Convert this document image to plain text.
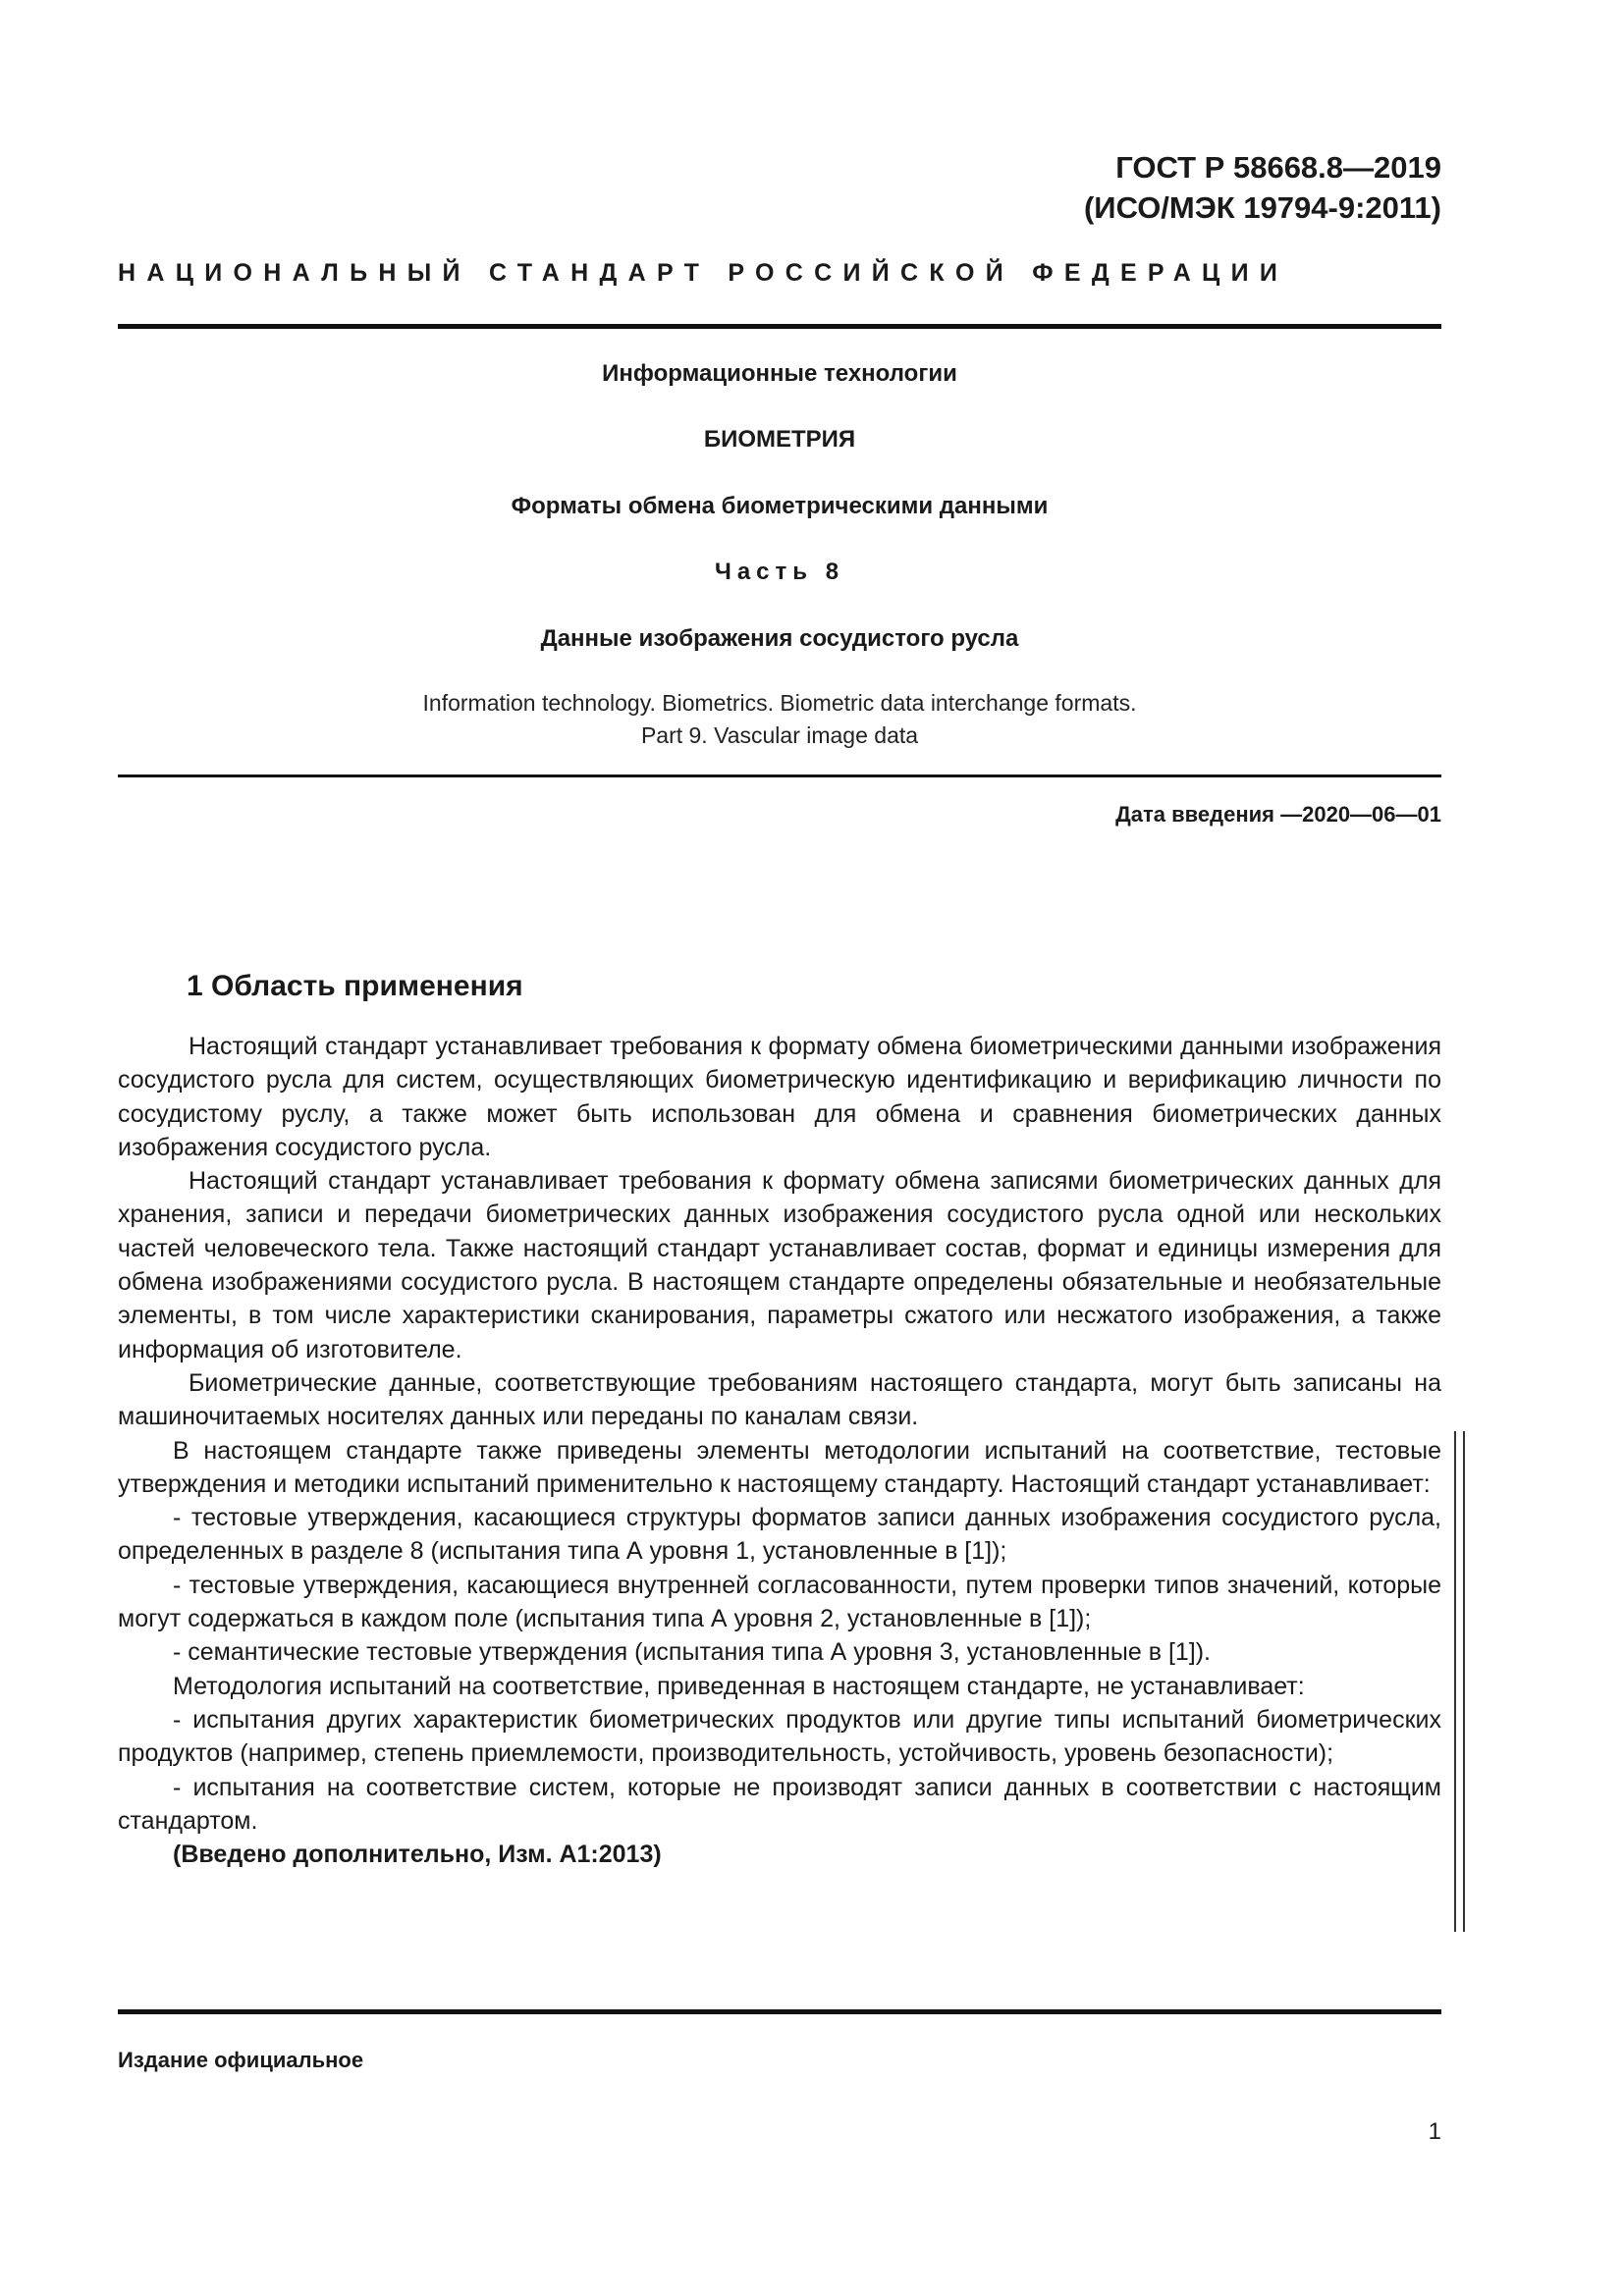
ГОСТ Р 58668.8—2019
(ИСО/МЭК 19794-9:2011)
НАЦИОНАЛЬНЫЙ СТАНДАРТ РОССИЙСКОЙ ФЕДЕРАЦИИ
Информационные технологии
БИОМЕТРИЯ
Форматы обмена биометрическими данными
Часть 8
Данные изображения сосудистого русла
Information technology. Biometrics. Biometric data interchange formats.
Part 9. Vascular image data
Дата введения —2020—06—01
1 Область применения

Настоящий стандарт устанавливает требования к формату обмена биометрическими данными изображения сосудистого русла для систем, осуществляющих биометрическую идентификацию и верификацию личности по сосудистому руслу, а также может быть использован для обмена и сравнения биометрических данных изображения сосудистого русла.

Настоящий стандарт устанавливает требования к формату обмена записями биометрических данных для хранения, записи и передачи биометрических данных изображения сосудистого русла одной или нескольких частей человеческого тела. Также настоящий стандарт устанавливает состав, формат и единицы измерения для обмена изображениями сосудистого русла. В настоящем стандарте определены обязательные и необязательные элементы, в том числе характеристики сканирования, параметры сжатого или несжатого изображения, а также информация об изготовителе.

Биометрические данные, соответствующие требованиям настоящего стандарта, могут быть записаны на машиночитаемых носителях данных или переданы по каналам связи.

В настоящем стандарте также приведены элементы методологии испытаний на соответствие, тестовые утверждения и методики испытаний применительно к настоящему стандарту. Настоящий стандарт устанавливает:

- тестовые утверждения, касающиеся структуры форматов записи данных изображения сосудистого русла, определенных в разделе 8 (испытания типа А уровня 1, установленные в [1]);

- тестовые утверждения, касающиеся внутренней согласованности, путем проверки типов значений, которые могут содержаться в каждом поле (испытания типа А уровня 2, установленные в [1]);

- семантические тестовые утверждения (испытания типа А уровня 3, установленные в [1]).

Методология испытаний на соответствие, приведенная в настоящем стандарте, не устанавливает:

- испытания других характеристик биометрических продуктов или другие типы испытаний биометрических продуктов (например, степень приемлемости, производительность, устойчивость, уровень безопасности);

- испытания на соответствие систем, которые не производят записи данных в соответствии с настоящим стандартом.

(Введено дополнительно, Изм. А1:2013)

Издание официальное
1
